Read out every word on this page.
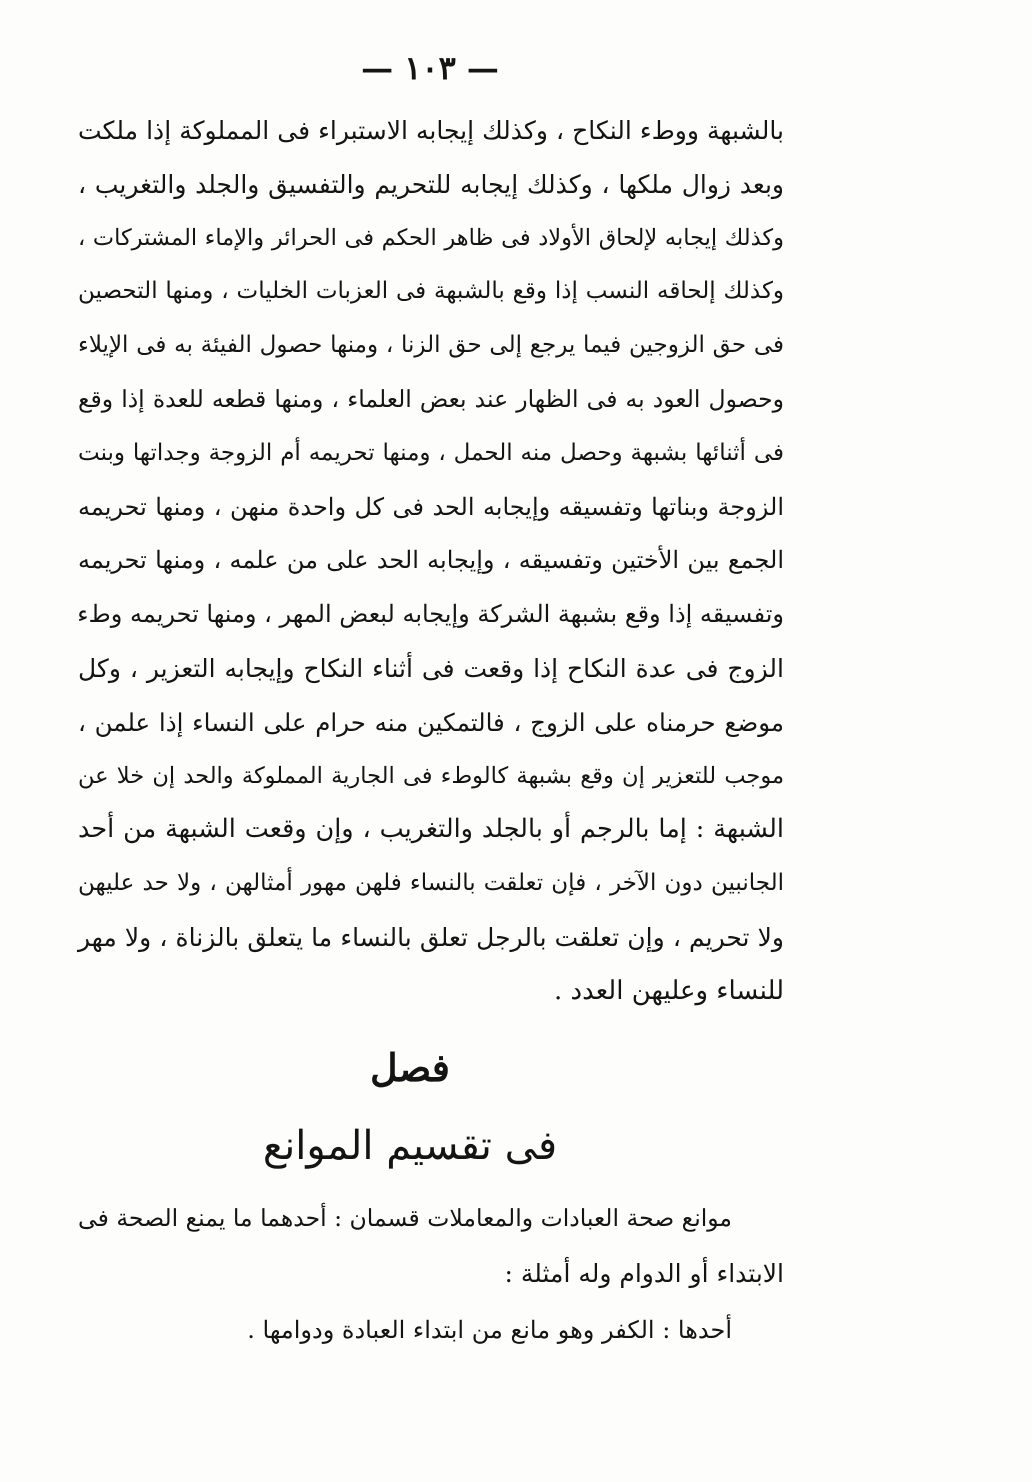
— ١٠٣ —
بالشبهة ووطء النكاح ، وكذلك إيجابه الاستبراء فى المملوكة إذا ملكت
وبعد زوال ملكها ، وكذلك إيجابه للتحريم والتفسيق والجلد والتغريب ،
وكذلك إيجابه لإلحاق الأولاد فى ظاهر الحكم فى الحرائر والإماء المشتركات ،
وكذلك إلحاقه النسب إذا وقع بالشبهة فى العزبات الخليات ، ومنها التحصين
فى حق الزوجين فيما يرجع إلى حق الزنا ، ومنها حصول الفيئة به فى الإيلاء
وحصول العود به فى الظهار عند بعض العلماء ، ومنها قطعه للعدة إذا وقع
فى أثنائها بشبهة وحصل منه الحمل ، ومنها تحريمه أم الزوجة وجداتها وبنت
الزوجة وبناتها وتفسيقه وإيجابه الحد فى كل واحدة منهن ، ومنها تحريمه
الجمع بين الأختين وتفسيقه ، وإيجابه الحد على من علمه ، ومنها تحريمه
وتفسيقه إذا وقع بشبهة الشركة وإيجابه لبعض المهر ، ومنها تحريمه وطء
الزوج فى عدة النكاح إذا وقعت فى أثناء النكاح وإيجابه التعزير ، وكل
موضع حرمناه على الزوج ، فالتمكين منه حرام على النساء إذا علمن ،
موجب للتعزير إن وقع بشبهة كالوطء فى الجارية المملوكة والحد إن خلا عن
الشبهة : إما بالرجم أو بالجلد والتغريب ، وإن وقعت الشبهة من أحد
الجانبين دون الآخر ، فإن تعلقت بالنساء فلهن مهور أمثالهن ، ولا حد عليهن
ولا تحريم ، وإن تعلقت بالرجل تعلق بالنساء ما يتعلق بالزناة ، ولا مهر
للنساء وعليهن العدد .
فصل
فى تقسيم الموانع
موانع صحة العبادات والمعاملات قسمان : أحدهما ما يمنع الصحة فى
الابتداء أو الدوام وله أمثلة :
أحدها : الكفر وهو مانع من ابتداء العبادة ودوامها .
